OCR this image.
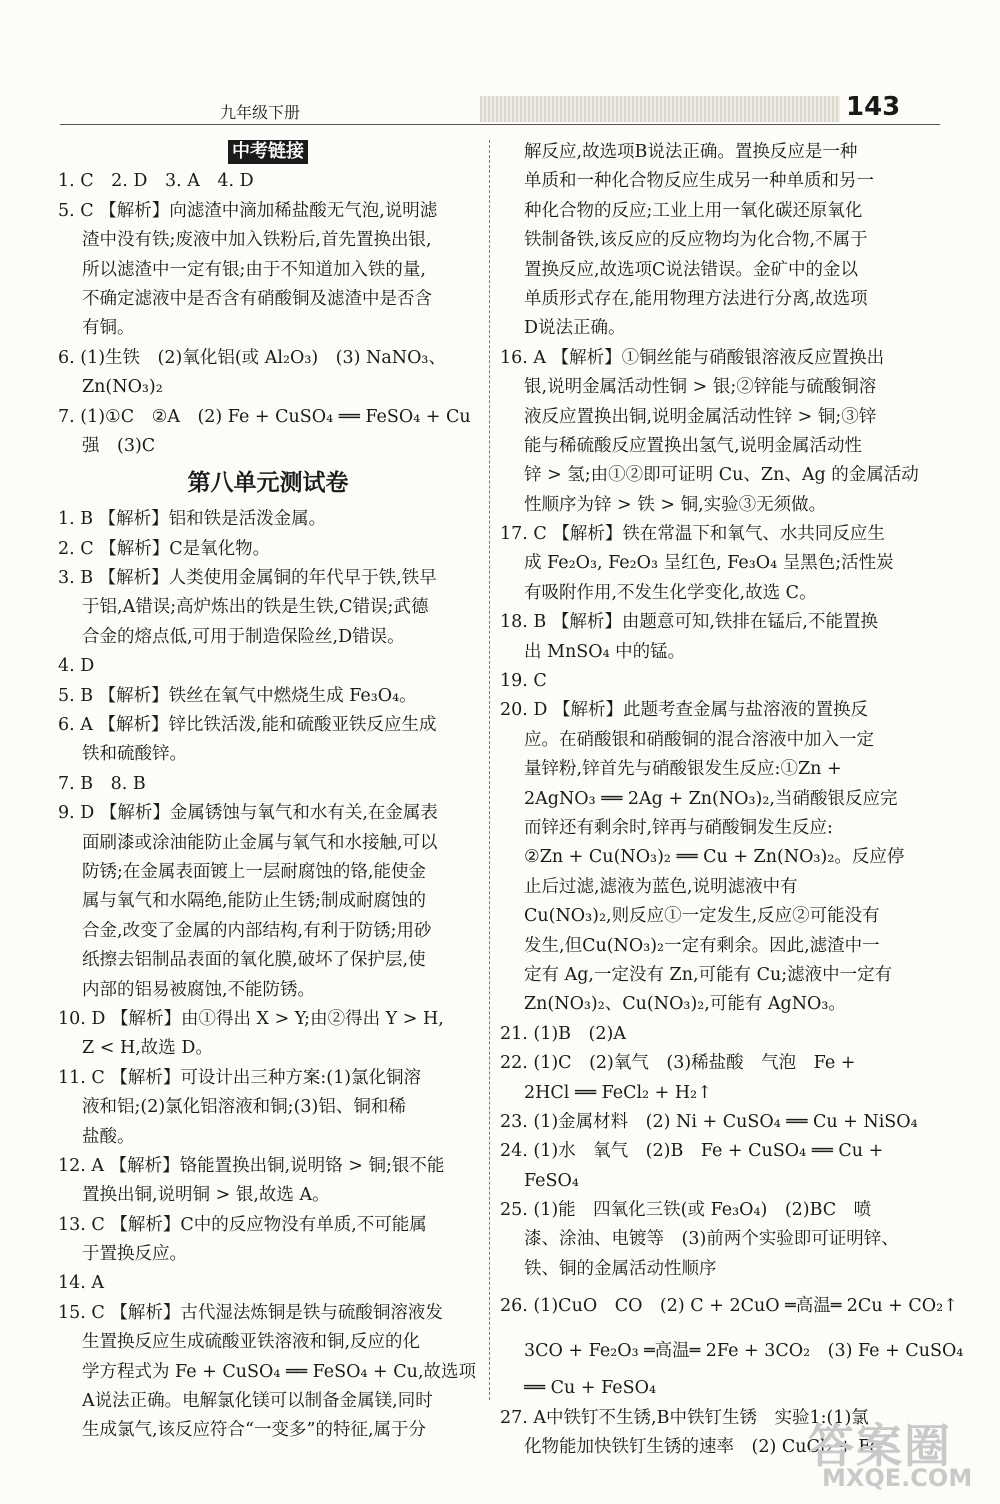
九年级下册	143
中考链接
1. C　2. D　3. A　4. D
5. C 【解析】向滤渣中滴加稀盐酸无气泡,说明滤
渣中没有铁;废液中加入铁粉后,首先置换出银,
所以滤渣中一定有银;由于不知道加入铁的量,
不确定滤液中是否含有硝酸铜及滤渣中是否含
有铜。
6. (1)生铁　(2)氧化铝(或 Al₂O₃)　(3) NaNO₃、
Zn(NO₃)₂
7. (1)①C　②A　(2) Fe + CuSO₄ ══ FeSO₄ + Cu
强　(3)C
第八单元测试卷
1. B 【解析】铝和铁是活泼金属。
2. C 【解析】C是氧化物。
3. B 【解析】人类使用金属铜的年代早于铁,铁早
于铝,A错误;高炉炼出的铁是生铁,C错误;武德
合金的熔点低,可用于制造保险丝,D错误。
4. D
5. B 【解析】铁丝在氧气中燃烧生成 Fe₃O₄。
6. A 【解析】锌比铁活泼,能和硫酸亚铁反应生成
铁和硫酸锌。
7. B　8. B
9. D 【解析】金属锈蚀与氧气和水有关,在金属表
面刷漆或涂油能防止金属与氧气和水接触,可以
防锈;在金属表面镀上一层耐腐蚀的铬,能使金
属与氧气和水隔绝,能防止生锈;制成耐腐蚀的
合金,改变了金属的内部结构,有利于防锈;用砂
纸擦去铝制品表面的氧化膜,破坏了保护层,使
内部的铝易被腐蚀,不能防锈。
10. D 【解析】由①得出 X > Y;由②得出 Y > H,
Z < H,故选 D。
11. C 【解析】可设计出三种方案:(1)氯化铜溶
液和铝;(2)氯化铝溶液和铜;(3)铝、铜和稀
盐酸。
12. A 【解析】铬能置换出铜,说明铬 > 铜;银不能
置换出铜,说明铜 > 银,故选 A。
13. C 【解析】C中的反应物没有单质,不可能属
于置换反应。
14. A
15. C 【解析】古代湿法炼铜是铁与硫酸铜溶液发
生置换反应生成硫酸亚铁溶液和铜,反应的化
学方程式为 Fe + CuSO₄ ══ FeSO₄ + Cu,故选项
A说法正确。电解氯化镁可以制备金属镁,同时
生成氯气,该反应符合“一变多”的特征,属于分
解反应,故选项B说法正确。置换反应是一种
单质和一种化合物反应生成另一种单质和另一
种化合物的反应;工业上用一氧化碳还原氧化
铁制备铁,该反应的反应物均为化合物,不属于
置换反应,故选项C说法错误。金矿中的金以
单质形式存在,能用物理方法进行分离,故选项
D说法正确。
16. A 【解析】①铜丝能与硝酸银溶液反应置换出
银,说明金属活动性铜 > 银;②锌能与硫酸铜溶
液反应置换出铜,说明金属活动性锌 > 铜;③锌
能与稀硫酸反应置换出氢气,说明金属活动性
锌 > 氢;由①②即可证明 Cu、Zn、Ag 的金属活动
性顺序为锌 > 铁 > 铜,实验③无须做。
17. C 【解析】铁在常温下和氧气、水共同反应生
成 Fe₂O₃, Fe₂O₃ 呈红色, Fe₃O₄ 呈黑色;活性炭
有吸附作用,不发生化学变化,故选 C。
18. B 【解析】由题意可知,铁排在锰后,不能置换
出 MnSO₄ 中的锰。
19. C
20. D 【解析】此题考查金属与盐溶液的置换反
应。在硝酸银和硝酸铜的混合溶液中加入一定
量锌粉,锌首先与硝酸银发生反应:①Zn +
2AgNO₃ ══ 2Ag + Zn(NO₃)₂,当硝酸银反应完
而锌还有剩余时,锌再与硝酸铜发生反应:
②Zn + Cu(NO₃)₂ ══ Cu + Zn(NO₃)₂。反应停
止后过滤,滤液为蓝色,说明滤液中有
Cu(NO₃)₂,则反应①一定发生,反应②可能没有
发生,但Cu(NO₃)₂一定有剩余。因此,滤渣中一
定有 Ag,一定没有 Zn,可能有 Cu;滤液中一定有
Zn(NO₃)₂、Cu(NO₃)₂,可能有 AgNO₃。
21. (1)B　(2)A
22. (1)C　(2)氧气　(3)稀盐酸　气泡　Fe +
2HCl ══ FeCl₂ + H₂↑
23. (1)金属材料　(2) Ni + CuSO₄ ══ Cu + NiSO₄
24. (1)水　氧气　(2)B　Fe + CuSO₄ ══ Cu +
FeSO₄
25. (1)能　四氧化三铁(或 Fe₃O₄)　(2)BC　喷
漆、涂油、电镀等　(3)前两个实验即可证明锌、
铁、铜的金属活动性顺序
26. (1)CuO　CO　(2) C + 2CuO ═高温═ 2Cu + CO₂↑
3CO + Fe₂O₃ ═高温═ 2Fe + 3CO₂　(3) Fe + CuSO₄
══ Cu + FeSO₄
27. A中铁钉不生锈,B中铁钉生锈　实验1:(1)氯
化物能加快铁钉生锈的速率　(2) CuCl₂ + Fe
答案圈
MXQE.COM
